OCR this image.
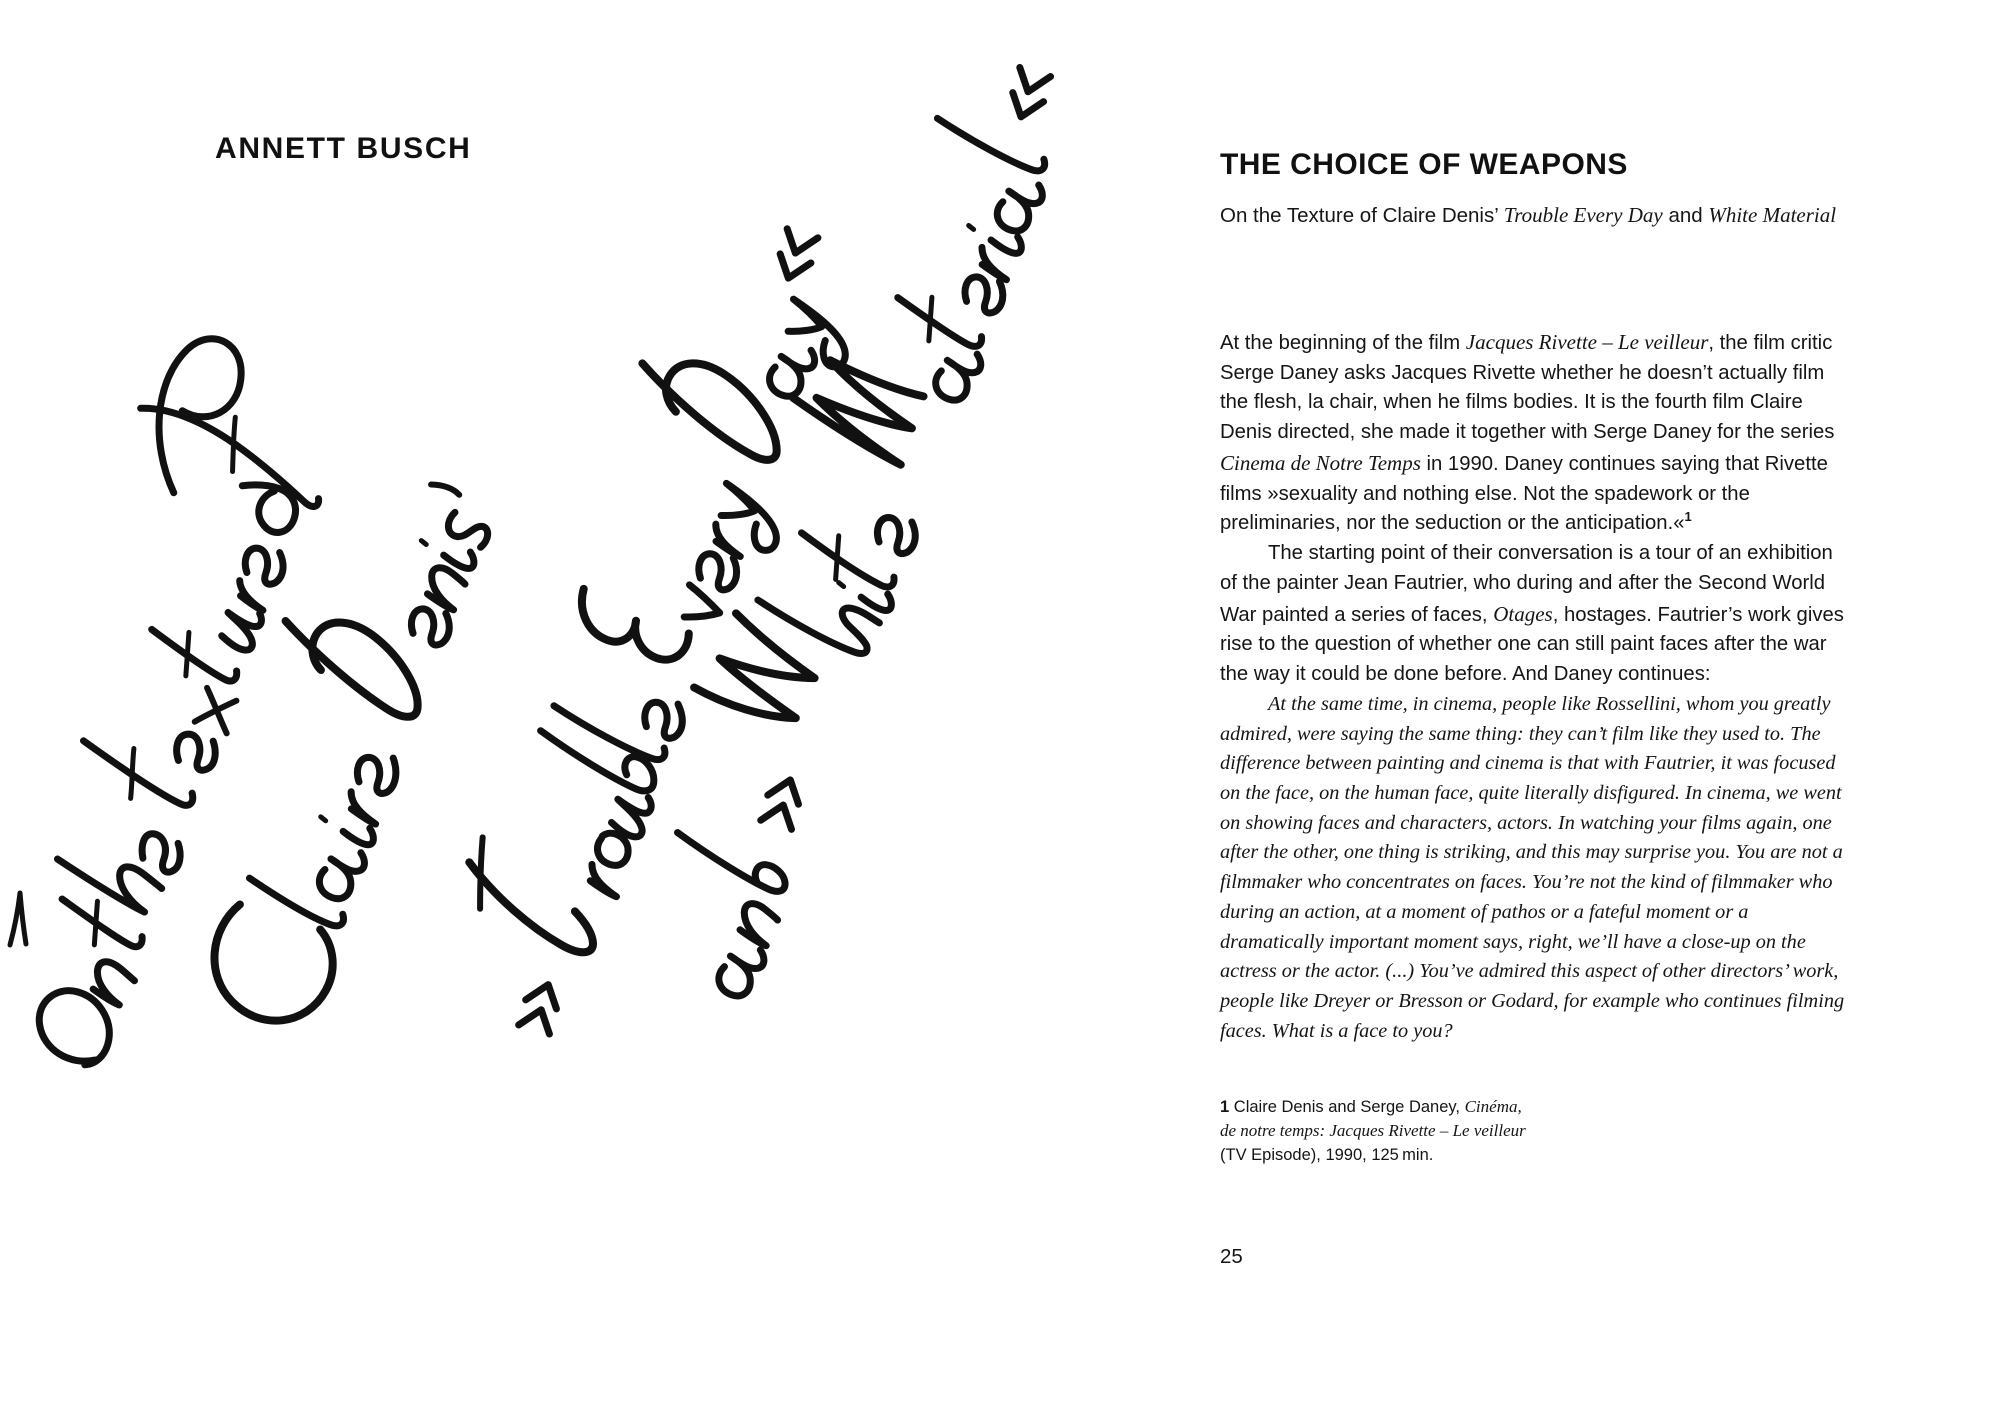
ANNETT BUSCH	THE CHOICE OF WEAPONS
On the Texture of Claire Denis’ Trouble Every Day and White Material

At the beginning of the film Jacques Rivette – Le veilleur, the film critic Serge Daney asks Jacques Rivette whether he doesn’t actually film the flesh, la chair, when he films bodies. It is the fourth film Claire Denis directed, she made it together with Serge Daney for the series Cinema de Notre Temps in 1990. Daney continues saying that Rivette films »sexuality and nothing else. Not the spadework or the preliminaries, nor the seduction or the anticipation.«$^1$

The starting point of their conversation is a tour of an exhibition of the painter Jean Fautrier, who during and after the Second World War painted a series of faces, Otages, hostages. Fautrier’s work gives rise to the question of whether one can still paint faces after the war the way it could be done before. And Daney continues:

At the same time, in cinema, people like Rossellini, whom you greatly admired, were saying the same thing: they can’t film like they used to. The difference between painting and cinema is that with Fautrier, it was focused on the face, on the human face, quite literally disfigured. In cinema, we went on showing faces and characters, actors. In watching your films again, one after the other, one thing is striking, and this may surprise you. You are not a filmmaker who concentrates on faces. You’re not the kind of filmmaker who during an action, at a moment of pathos or a fateful moment or a dramatically important moment says, right, we’ll have a close-up on the actress or the actor. (...) You’ve admired this aspect of other directors’ work, people like Dreyer or Bresson or Godard, for example who continues filming faces. What is a face to you?

1 Claire Denis and Serge Daney, Cinéma,
de notre temps: Jacques Rivette – Le veilleur
(TV Episode), 1990, 125 min.
25
